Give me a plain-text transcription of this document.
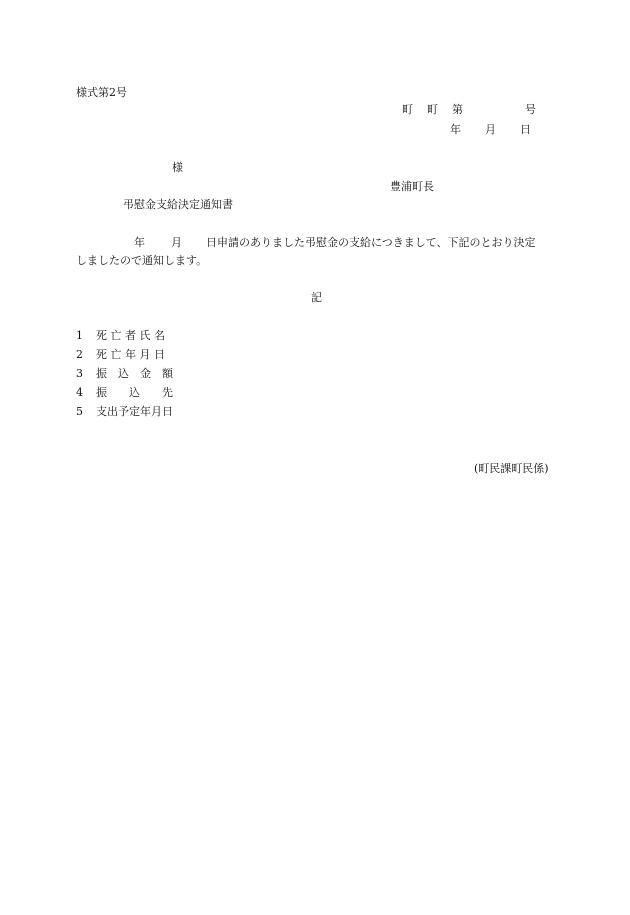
様式第2号
町 町 第	号
年 月 日
様
豊浦町長
弔慰金支給決定通知書
年 月 日申請のありました弔慰金の支給につきまして、下記のとおり決定
しましたので通知します。
記
1	死 亡 者 氏 名
2	死 亡 年 月 日
3	振　込　金　額
4	振　　込　　先
5	支出予定年月日
(町民課町民係)
